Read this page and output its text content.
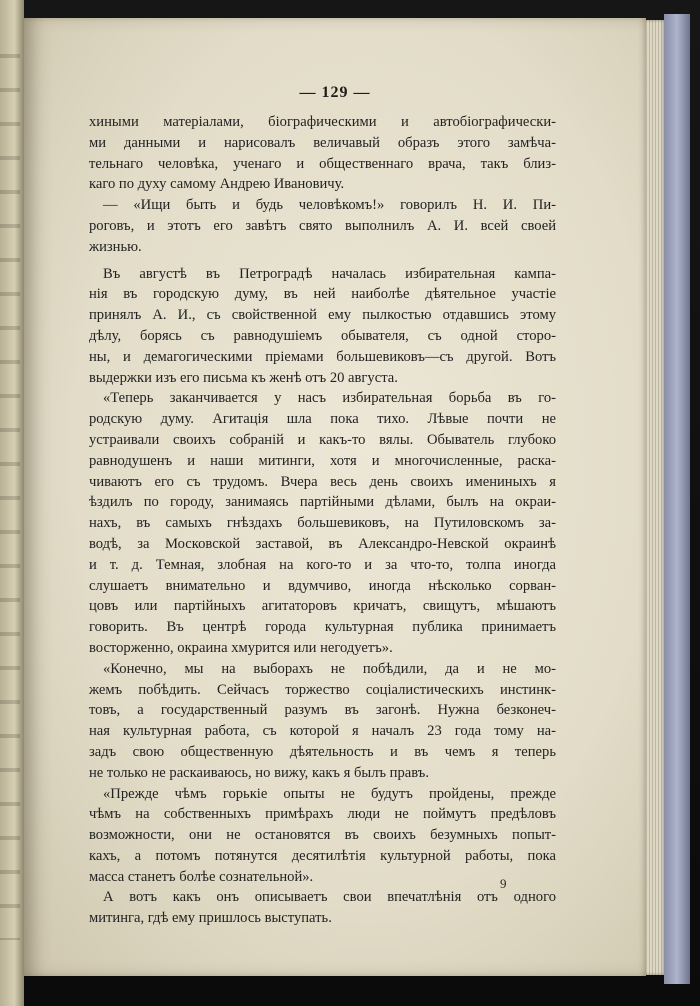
— 129 —
хиными матеріалами, біографическими и автобіографически-
ми данными и нарисовалъ величавый образъ этого замѣча-
тельнаго человѣка, ученаго и общественнаго врача, такъ близ-
каго по духу самому Андрею Ивановичу.
— «Ищи быть и будь человѣкомъ!» говорилъ Н. И. Пи-
роговъ, и этотъ его завѣтъ свято выполнилъ А. И. всей своей
жизнью.
Въ августѣ въ Петроградѣ началась избирательная кампа-
нія въ городскую думу, въ ней наиболѣе дѣятельное участіе
принялъ А. И., съ свойственной ему пылкостью отдавшись этому
дѣлу, борясь съ равнодушіемъ обывателя, съ одной сторо-
ны, и демагогическими пріемами большевиковъ—съ другой. Вотъ
выдержки изъ его письма къ женѣ отъ 20 августа.
«Теперь заканчивается у насъ избирательная борьба въ го-
родскую думу. Агитація шла пока тихо. Лѣвые почти не
устраивали своихъ собраній и какъ-то вялы. Обыватель глубоко
равнодушенъ и наши митинги, хотя и многочисленные, раска-
чиваютъ его съ трудомъ. Вчера весь день своихъ имениныхъ я
ѣздилъ по городу, занимаясь партійными дѣлами, былъ на окраи-
нахъ, въ самыхъ гнѣздахъ большевиковъ, на Путиловскомъ за-
водѣ, за Московской заставой, въ Александро-Невской окраинѣ
и т. д. Темная, злобная на кого-то и за что-то, толпа иногда
слушаетъ внимательно и вдумчиво, иногда нѣсколько сорван-
цовъ или партійныхъ агитаторовъ кричатъ, свищутъ, мѣшаютъ
говорить. Въ центрѣ города культурная публика принимаетъ
восторженно, окраина хмурится или негодуетъ».
«Конечно, мы на выборахъ не побѣдили, да и не мо-
жемъ побѣдить. Сейчасъ торжество соціалистическихъ инстинк-
товъ, а государственный разумъ въ загонѣ. Нужна безконеч-
ная культурная работа, съ которой я началъ 23 года тому на-
задъ свою общественную дѣятельность и въ чемъ я теперь
не только не раскаиваюсь, но вижу, какъ я былъ правъ.
«Прежде чѣмъ горькіе опыты не будутъ пройдены, прежде
чѣмъ на собственныхъ примѣрахъ люди не поймутъ предѣловъ
возможности, они не остановятся въ своихъ безумныхъ попыт-
кахъ, а потомъ потянутся десятилѣтія культурной работы, пока
масса станетъ болѣе сознательной».
А вотъ какъ онъ описываетъ свои впечатлѣнія отъ одного
митинга, гдѣ ему пришлось выступать.
9
